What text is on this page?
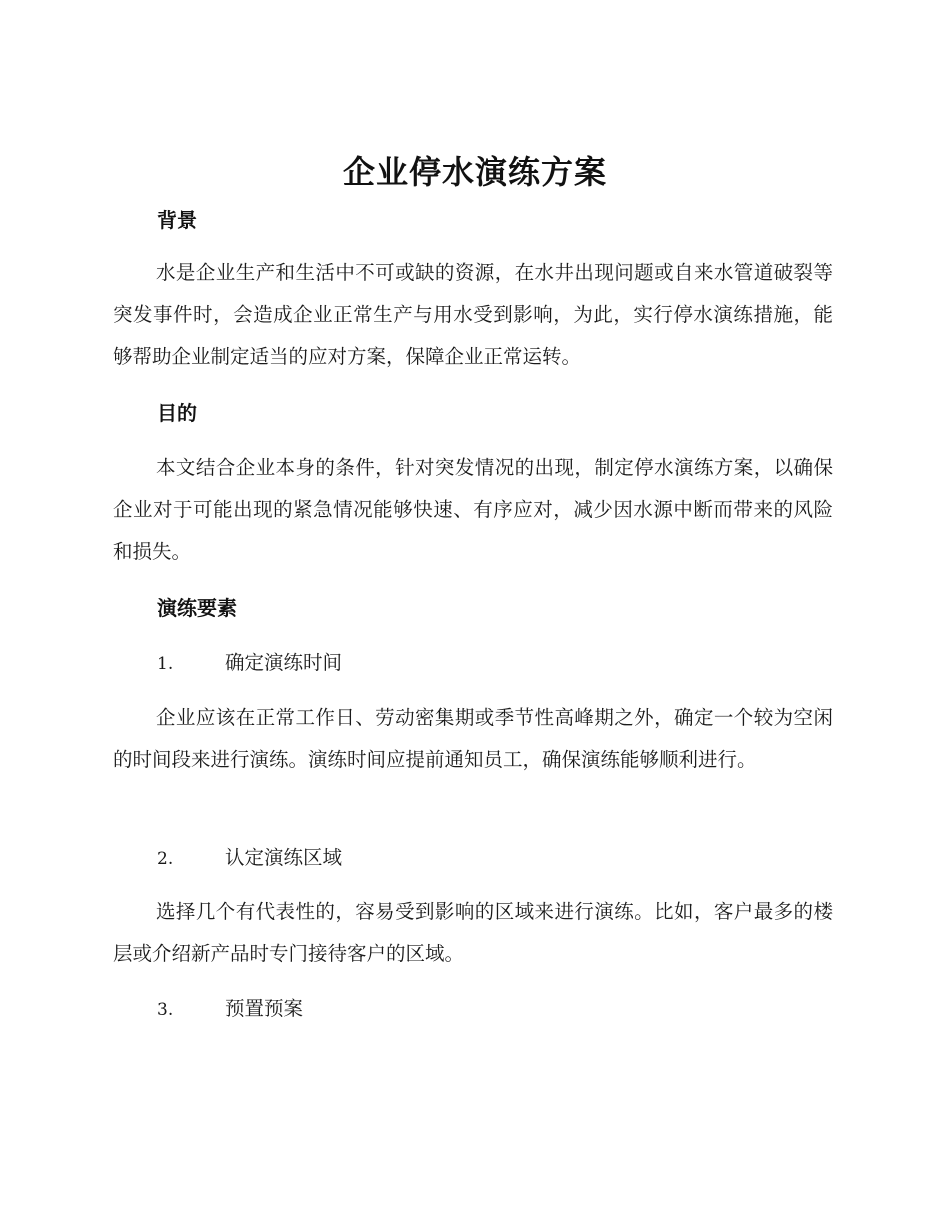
企业停水演练方案
背景
水是企业生产和生活中不可或缺的资源，在水井出现问题或自来水管道破裂等突发事件时，会造成企业正常生产与用水受到影响，为此，实行停水演练措施，能够帮助企业制定适当的应对方案，保障企业正常运转。
目的
本文结合企业本身的条件，针对突发情况的出现，制定停水演练方案，以确保企业对于可能出现的紧急情况能够快速、有序应对，减少因水源中断而带来的风险和损失。
演练要素
1.	确定演练时间
企业应该在正常工作日、劳动密集期或季节性高峰期之外，确定一个较为空闲的时间段来进行演练。演练时间应提前通知员工，确保演练能够顺利进行。
2.	认定演练区域
选择几个有代表性的，容易受到影响的区域来进行演练。比如，客户最多的楼层或介绍新产品时专门接待客户的区域。
3.	预置预案
